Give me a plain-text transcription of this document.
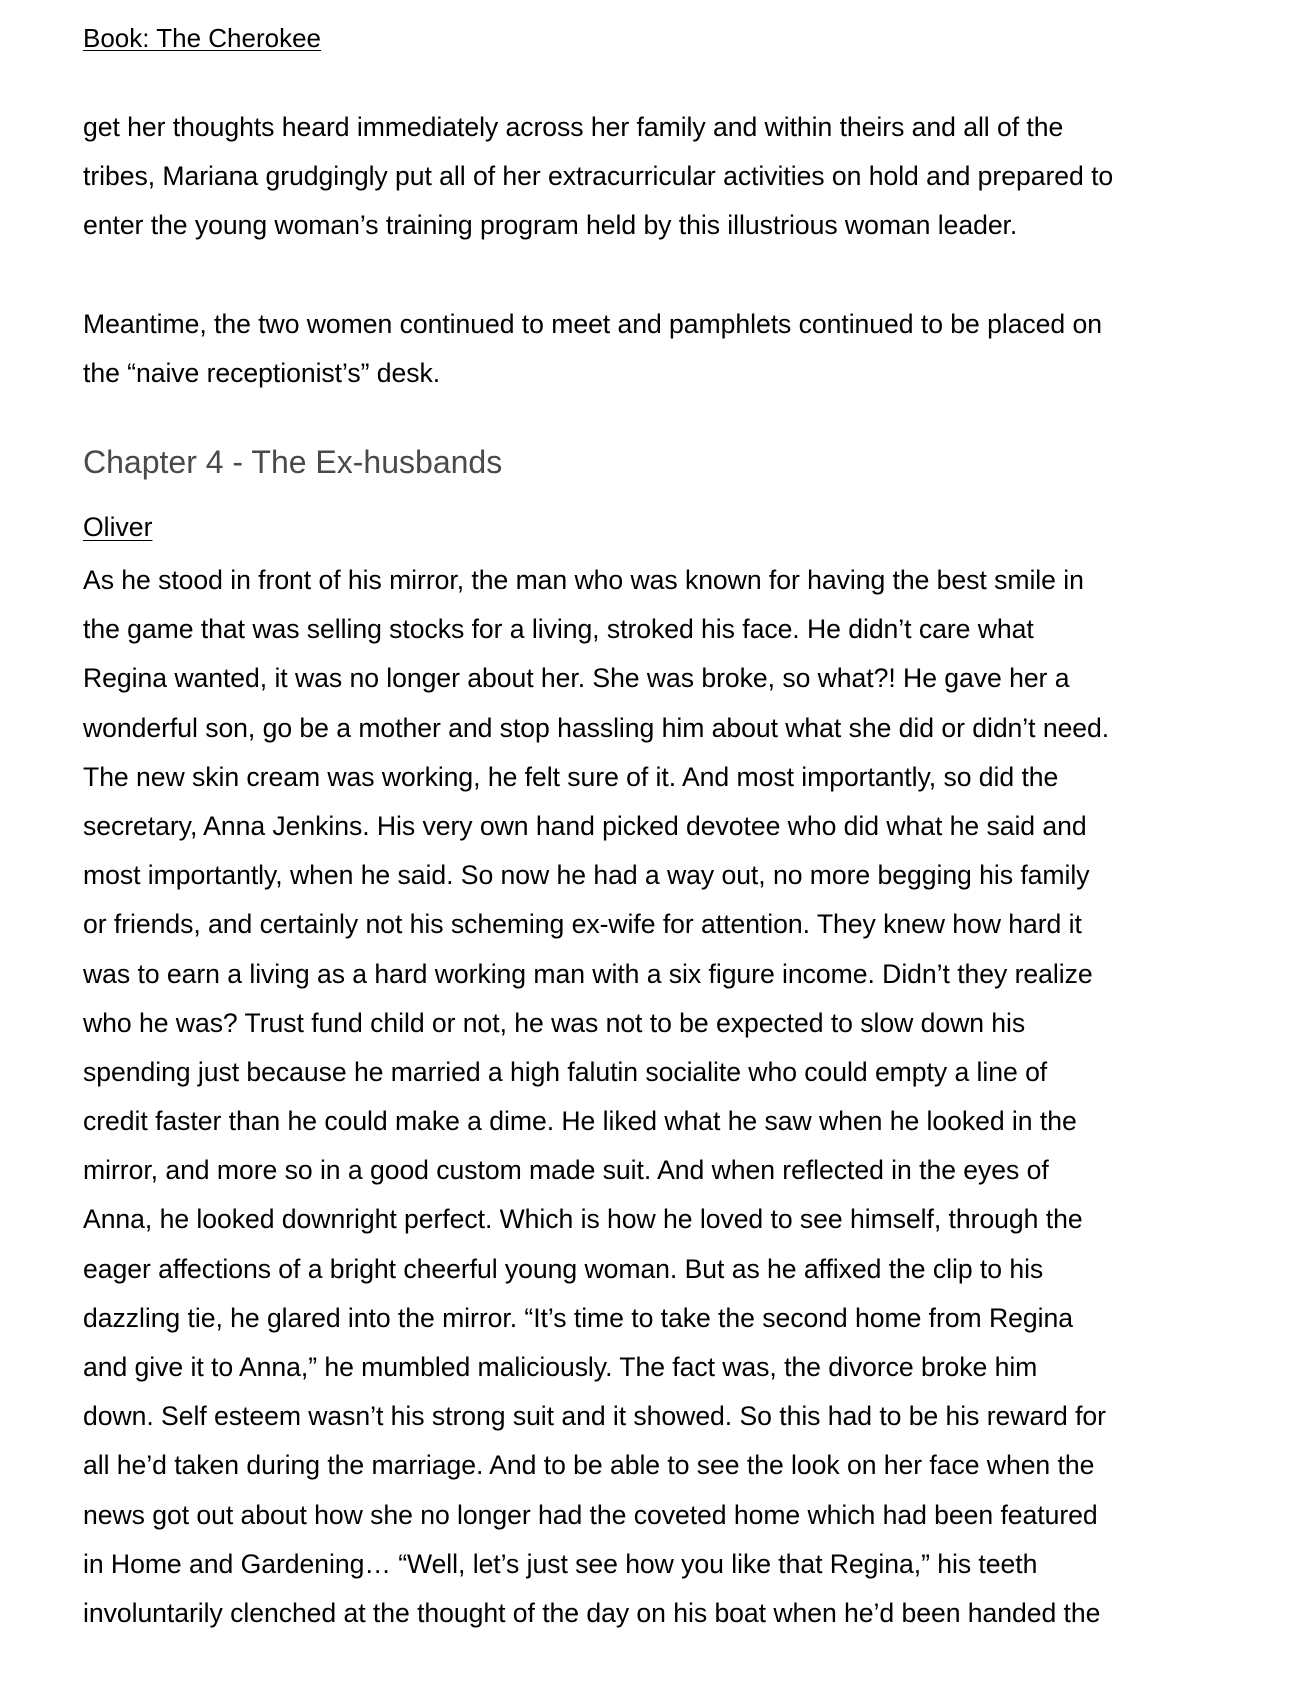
Book: The Cherokee
get her thoughts heard immediately across her family and within theirs and all of the
tribes, Mariana grudgingly put all of her extracurricular activities on hold and prepared to
enter the young woman’s training program held by this illustrious woman leader.
Meantime, the two women continued to meet and pamphlets continued to be placed on
the “naive receptionist’s” desk.
Chapter 4 - The Ex-husbands
Oliver
As he stood in front of his mirror, the man who was known for having the best smile in
the game that was selling stocks for a living, stroked his face. He didn’t care what
Regina wanted, it was no longer about her. She was broke, so what?! He gave her a
wonderful son, go be a mother and stop hassling him about what she did or didn’t need.
The new skin cream was working, he felt sure of it. And most importantly, so did the
secretary, Anna Jenkins. His very own hand picked devotee who did what he said and
most importantly, when he said. So now he had a way out, no more begging his family
or friends, and certainly not his scheming ex-wife for attention. They knew how hard it
was to earn a living as a hard working man with a six figure income. Didn’t they realize
who he was? Trust fund child or not, he was not to be expected to slow down his
spending just because he married a high falutin socialite who could empty a line of
credit faster than he could make a dime. He liked what he saw when he looked in the
mirror, and more so in a good custom made suit. And when reflected in the eyes of
Anna, he looked downright perfect. Which is how he loved to see himself, through the
eager affections of a bright cheerful young woman. But as he affixed the clip to his
dazzling tie, he glared into the mirror. “It’s time to take the second home from Regina
and give it to Anna,” he mumbled maliciously. The fact was, the divorce broke him
down. Self esteem wasn’t his strong suit and it showed. So this had to be his reward for
all he’d taken during the marriage. And to be able to see the look on her face when the
news got out about how she no longer had the coveted home which had been featured
in Home and Gardening… “Well, let’s just see how you like that Regina,” his teeth
involuntarily clenched at the thought of the day on his boat when he’d been handed the
